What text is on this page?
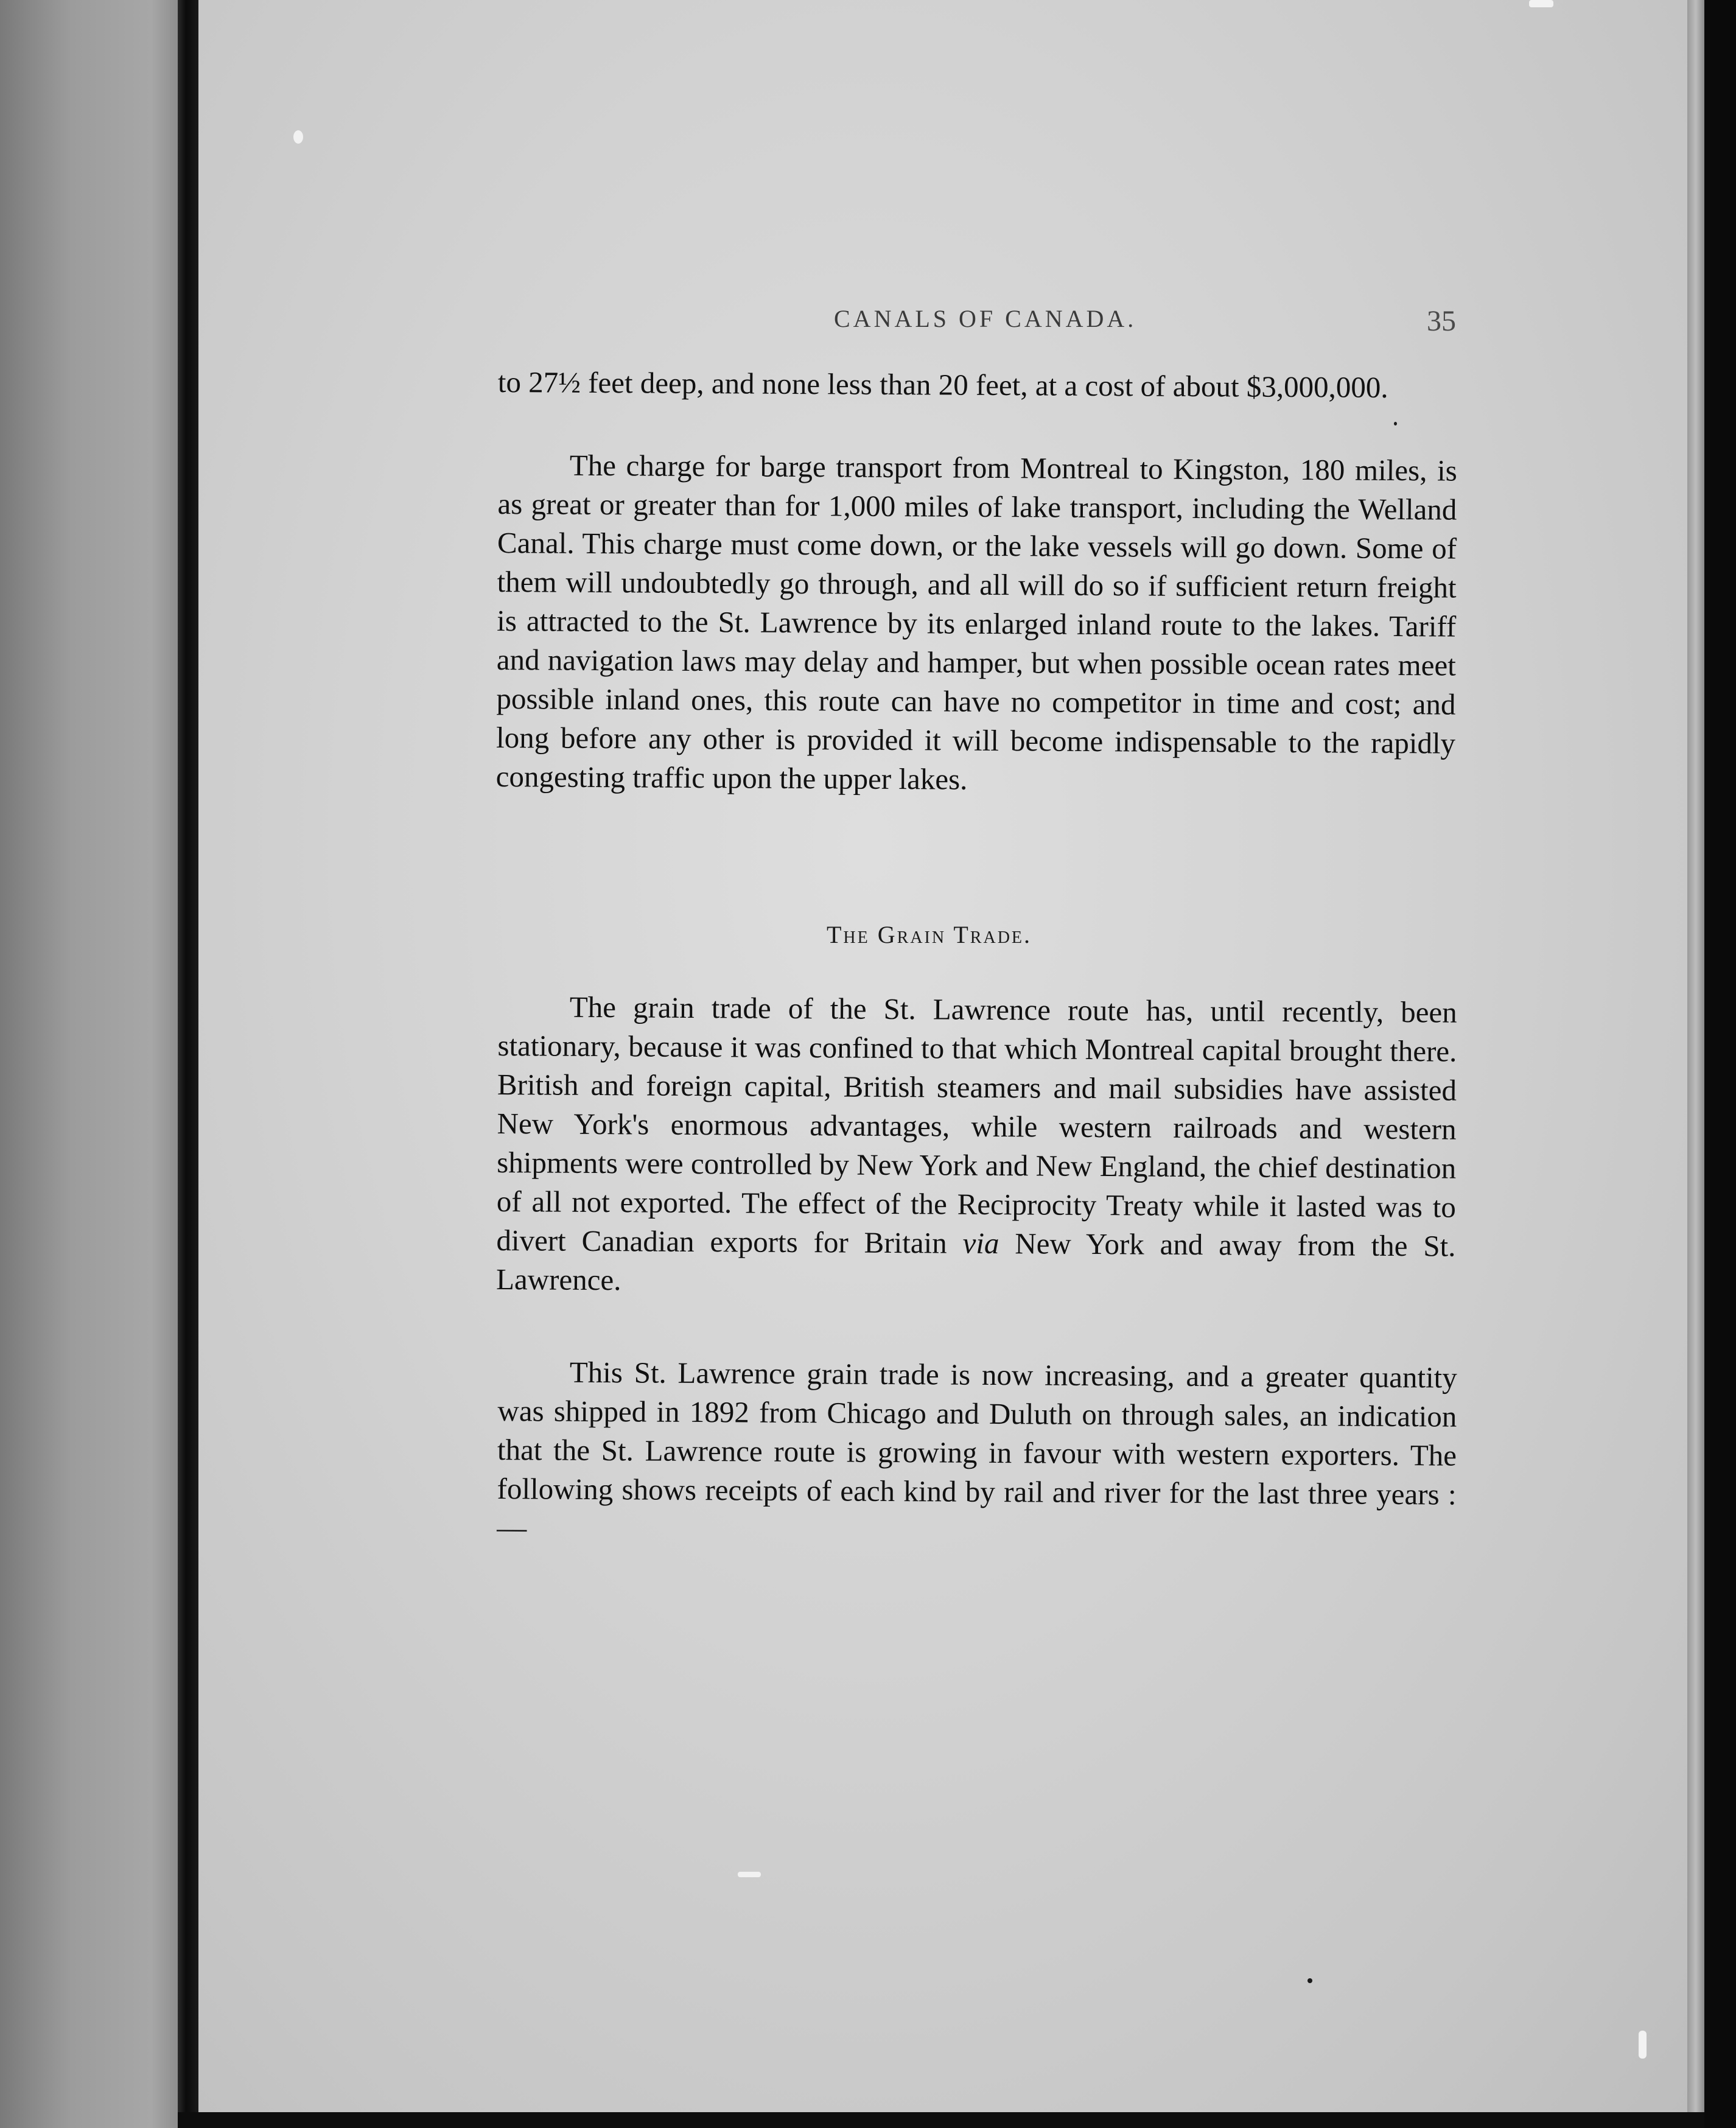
CANALS OF CANADA.	35

to 27½ feet deep, and none less than 20 feet, at a cost of about $3,000,000.

The charge for barge transport from Montreal to Kingston, 180 miles, is as great or greater than for 1,000 miles of lake transport, including the Welland Canal. This charge must come down, or the lake vessels will go down. Some of them will undoubtedly go through, and all will do so if sufficient return freight is attracted to the St. Lawrence by its enlarged inland route to the lakes. Tariff and navigation laws may delay and hamper, but when possible ocean rates meet possible inland ones, this route can have no competitor in time and cost; and long before any other is provided it will become indispensable to the rapidly congesting traffic upon the upper lakes.

The Grain Trade.

The grain trade of the St. Lawrence route has, until recently, been stationary, because it was confined to that which Montreal capital brought there. British and foreign capital, British steamers and mail subsidies have assisted New York's enormous advantages, while western railroads and western shipments were controlled by New York and New England, the chief destination of all not exported. The effect of the Reciprocity Treaty while it lasted was to divert Canadian exports for Britain via New York and away from the St. Lawrence.

This St. Lawrence grain trade is now increasing, and a greater quantity was shipped in 1892 from Chicago and Duluth on through sales, an indication that the St. Lawrence route is growing in favour with western exporters. The following shows receipts of each kind by rail and river for the last three years :—
